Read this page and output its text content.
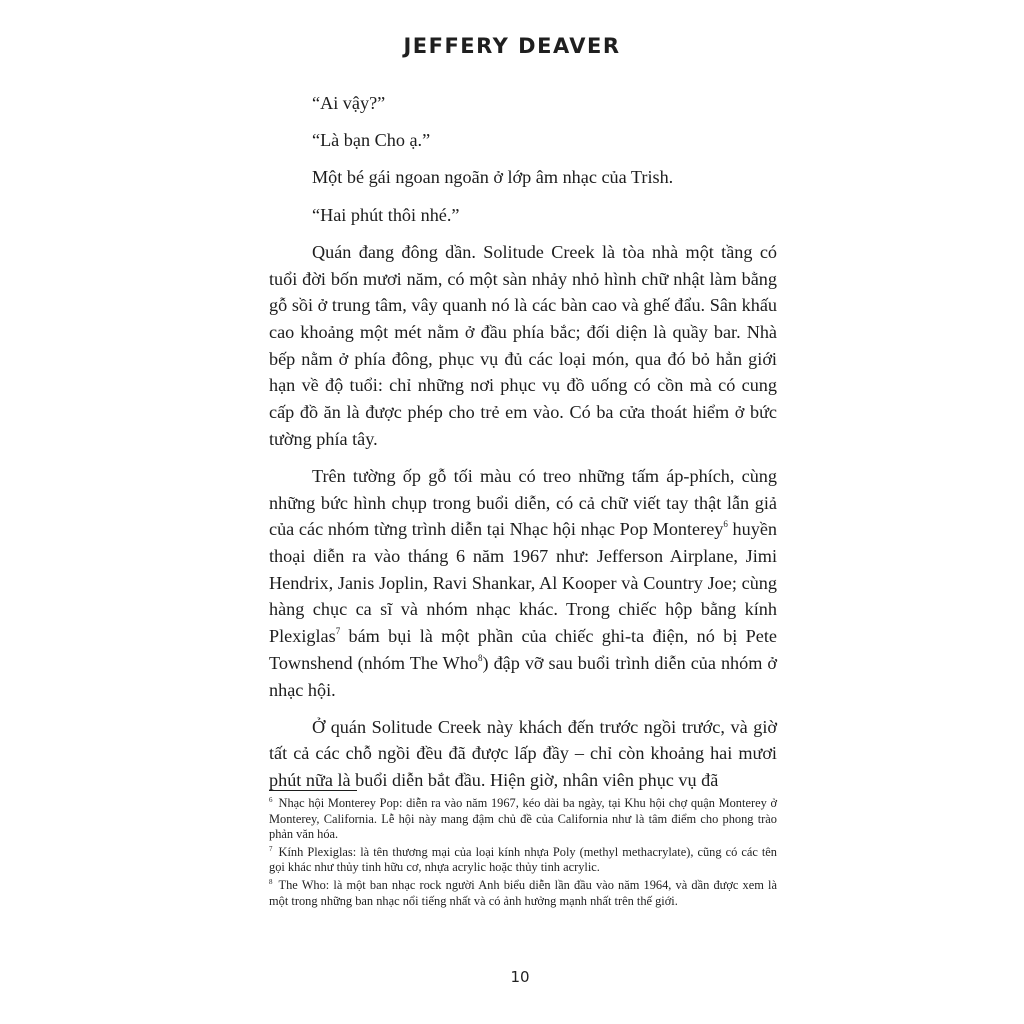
JEFFERY DEAVER

“Ai vậy?”

“Là bạn Cho ạ.”

Một bé gái ngoan ngoãn ở lớp âm nhạc của Trish.

“Hai phút thôi nhé.”

Quán đang đông dần. Solitude Creek là tòa nhà một tầng có tuổi đời bốn mươi năm, có một sàn nhảy nhỏ hình chữ nhật làm bằng gỗ sồi ở trung tâm, vây quanh nó là các bàn cao và ghế đẩu. Sân khấu cao khoảng một mét nằm ở đầu phía bắc; đối diện là quầy bar. Nhà bếp nằm ở phía đông, phục vụ đủ các loại món, qua đó bỏ hẳn giới hạn về độ tuổi: chỉ những nơi phục vụ đồ uống có cồn mà có cung cấp đồ ăn là được phép cho trẻ em vào. Có ba cửa thoát hiểm ở bức tường phía tây.

Trên tường ốp gỗ tối màu có treo những tấm áp-phích, cùng những bức hình chụp trong buổi diễn, có cả chữ viết tay thật lẫn giả của các nhóm từng trình diễn tại Nhạc hội nhạc Pop Monterey$^6$ huyền thoại diễn ra vào tháng 6 năm 1967 như: Jefferson Airplane, Jimi Hendrix, Janis Joplin, Ravi Shankar, Al Kooper và Country Joe; cùng hàng chục ca sĩ và nhóm nhạc khác. Trong chiếc hộp bằng kính Plexiglas$^7$ bám bụi là một phần của chiếc ghi-ta điện, nó bị Pete Townshend (nhóm The Who$^8$) đập vỡ sau buổi trình diễn của nhóm ở nhạc hội.

Ở quán Solitude Creek này khách đến trước ngồi trước, và giờ tất cả các chỗ ngồi đều đã được lấp đầy – chỉ còn khoảng hai mươi phút nữa là buổi diễn bắt đầu. Hiện giờ, nhân viên phục vụ đã

$^6$ Nhạc hội Monterey Pop: diễn ra vào năm 1967, kéo dài ba ngày, tại Khu hội chợ quận Monterey ở Monterey, California. Lễ hội này mang đậm chủ đề của California như là tâm điểm cho phong trào phản văn hóa.

$^7$ Kính Plexiglas: là tên thương mại của loại kính nhựa Poly (methyl methacrylate), cũng có các tên gọi khác như thủy tinh hữu cơ, nhựa acrylic hoặc thủy tinh acrylic.

$^8$ The Who: là một ban nhạc rock người Anh biểu diễn lần đầu vào năm 1964, và dần được xem là một trong những ban nhạc nổi tiếng nhất và có ảnh hưởng mạnh nhất trên thế giới.

10
